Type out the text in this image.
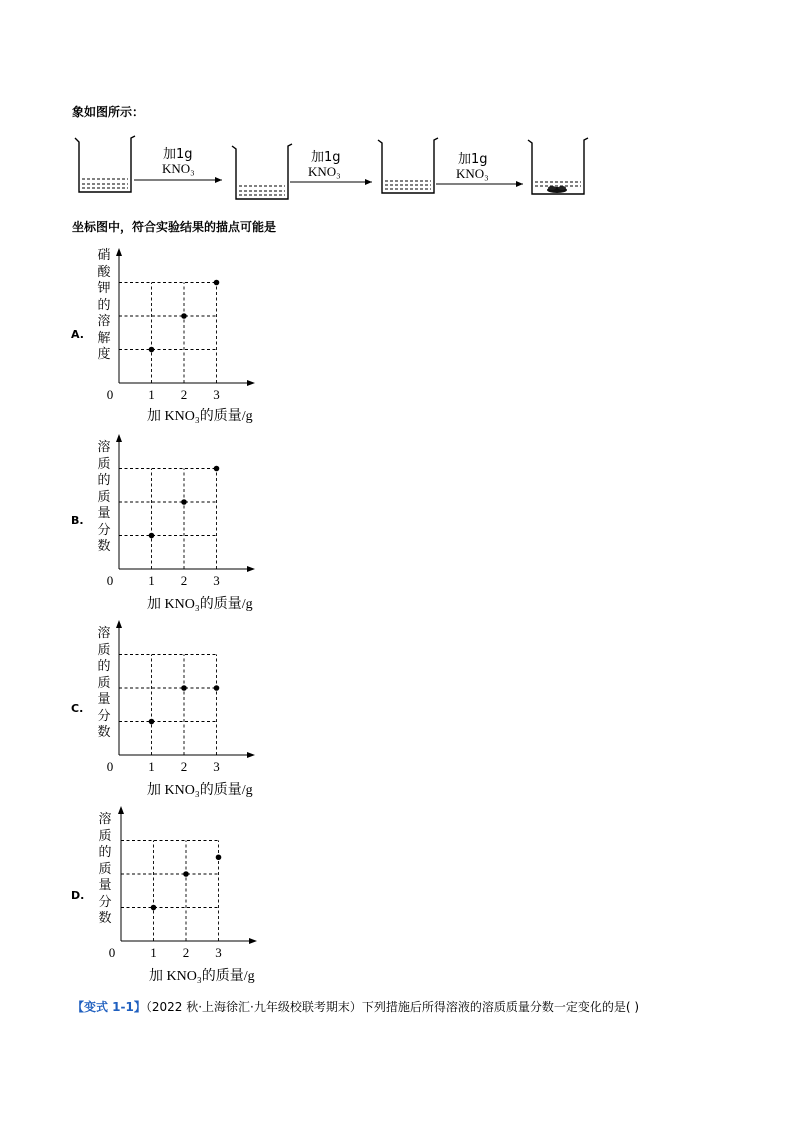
象如图所示：
加1g
KNO₃
加1g
KNO₃
加1g
KNO₃
坐标图中，符合实验结果的描点可能是
A.
硝
酸
钾
的
溶
解
度
0	1 2 3
加 KNO₃的质量/g
B.
溶
质
的
质
量
分
数
0	1 2 3
加 KNO₃的质量/g
C.
溶
质
的
质
量
分
数
0	1 2 3
加 KNO₃的质量/g
D.
溶
质
的
质
量
分
数
0	1 2 3
加 KNO₃的质量/g
【变式 1-1】（2022 秋·上海徐汇·九年级校联考期末）下列措施后所得溶液的溶质质量分数一定变化的是( )
